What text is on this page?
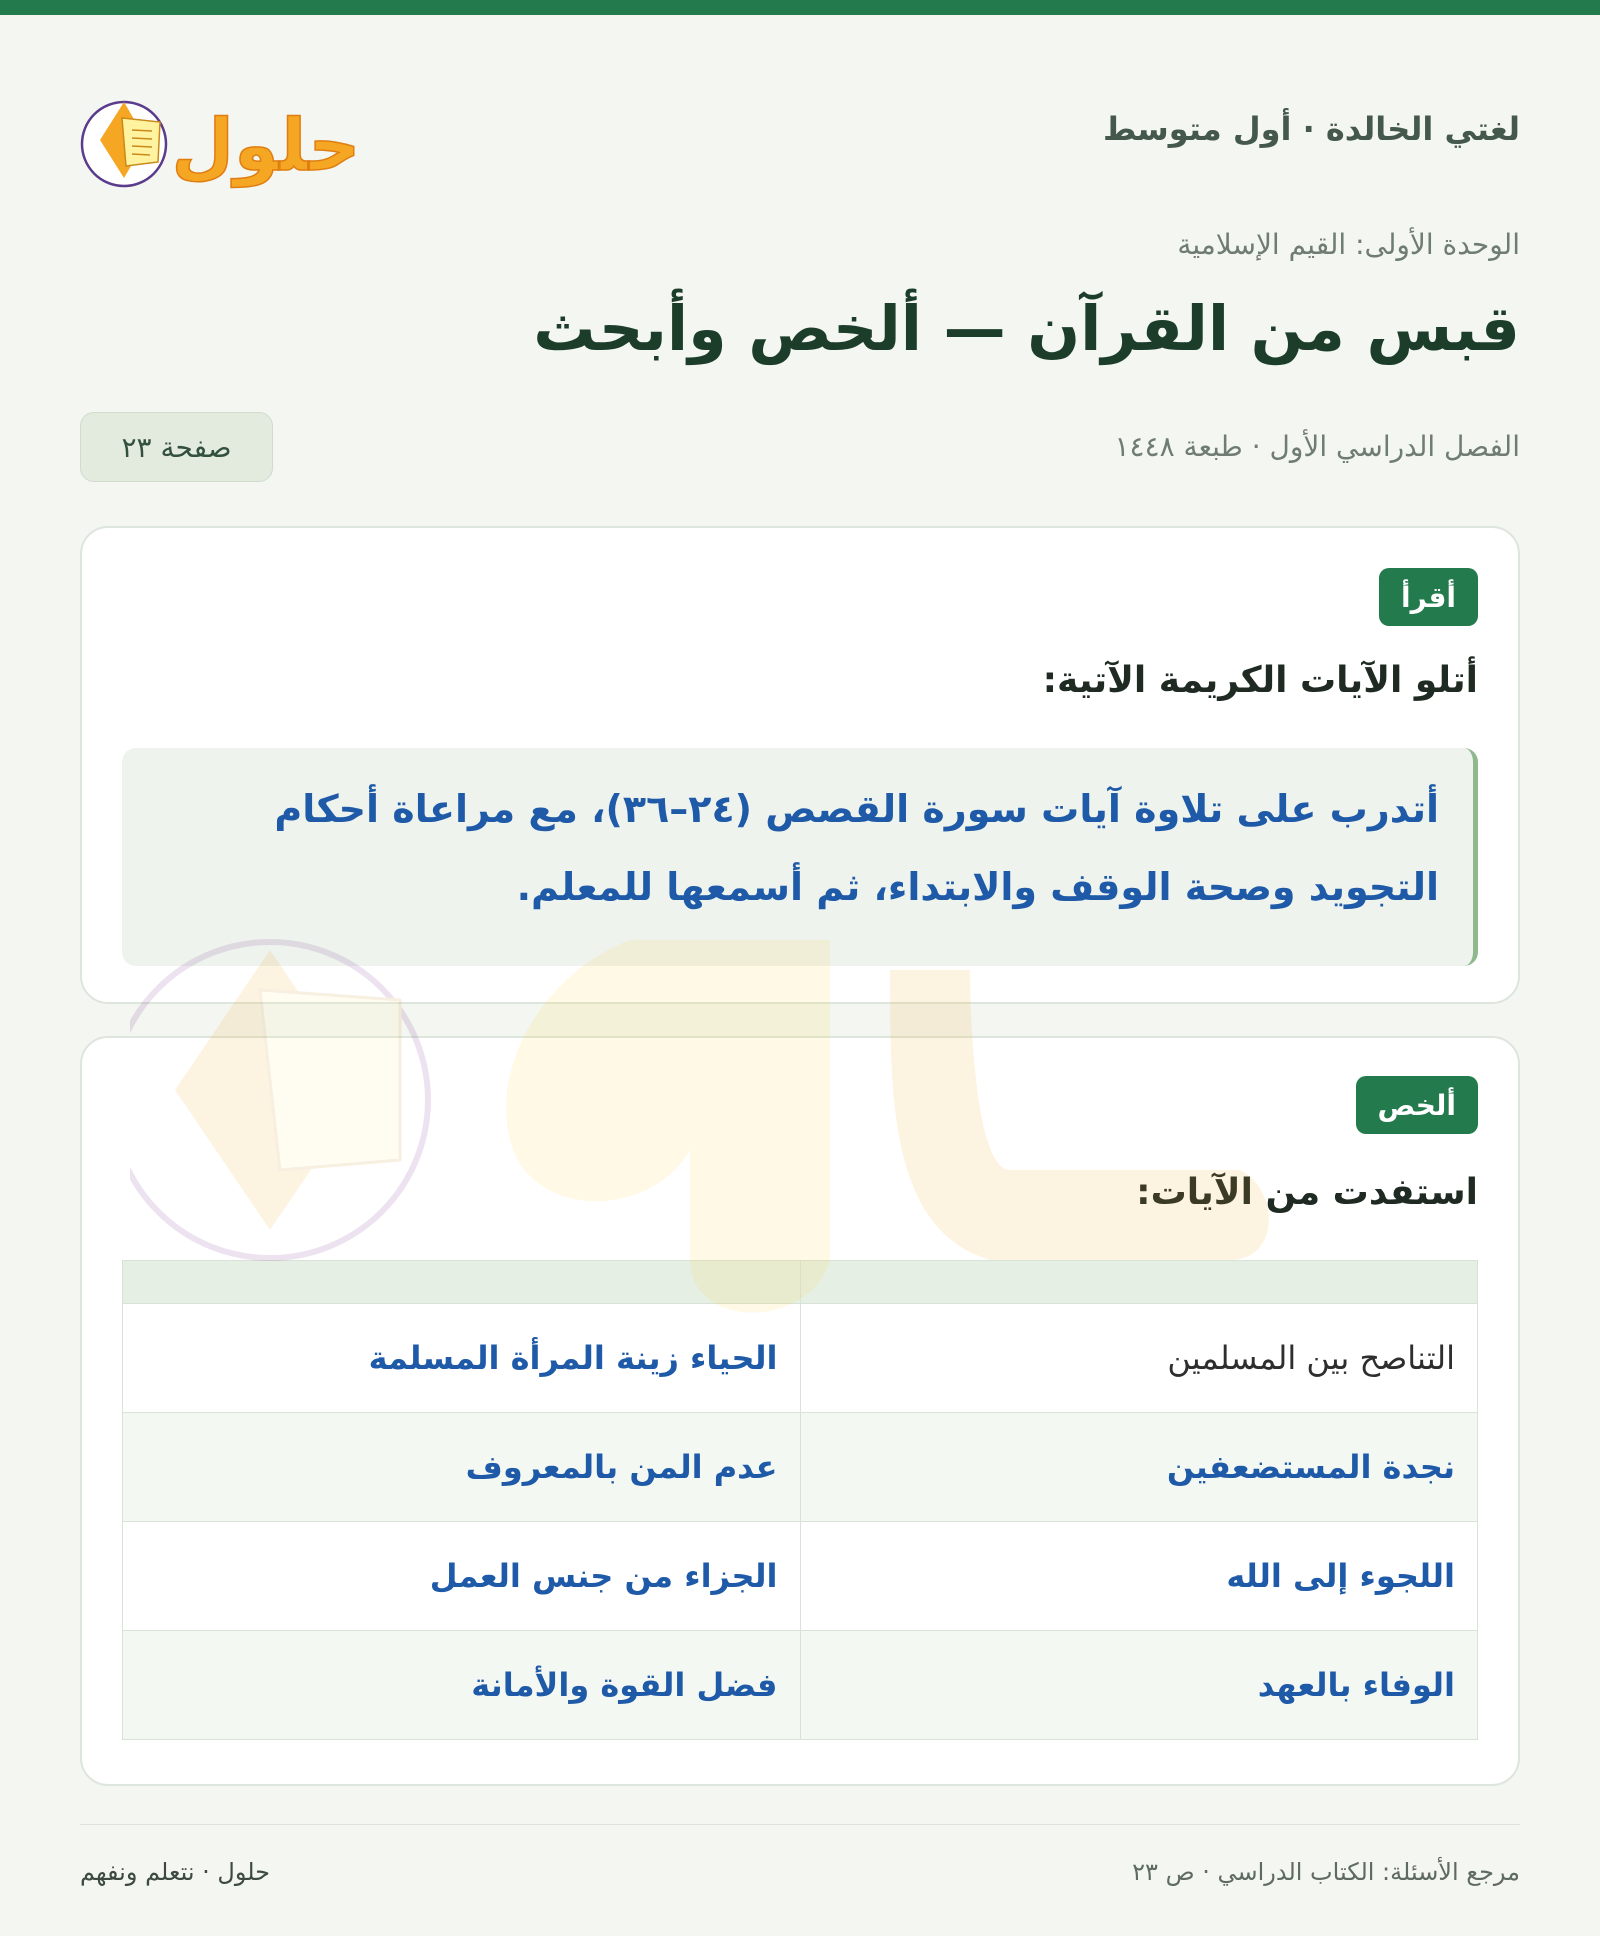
لغتي الخالدة · أول متوسط
حلول
الوحدة الأولى: القيم الإسلامية
قبس من القرآن — ألخص وأبحث
الفصل الدراسي الأول · طبعة ١٤٤٨
صفحة ٢٣
أقرأ
أتلو الآيات الكريمة الآتية:
أتدرب على تلاوة آيات سورة القصص (٢٤–٣٦)، مع مراعاة أحكام التجويد وصحة الوقف والابتداء، ثم أسمعها للمعلم.
ألخص
استفدت من الآيات:

التناصح بين المسلمين	الحياء زينة المرأة المسلمة
نجدة المستضعفين	عدم المن بالمعروف
اللجوء إلى الله	الجزاء من جنس العمل
الوفاء بالعهد	فضل القوة والأمانة
مرجع الأسئلة: الكتاب الدراسي · ص ٢٣
حلول · نتعلم ونفهم
